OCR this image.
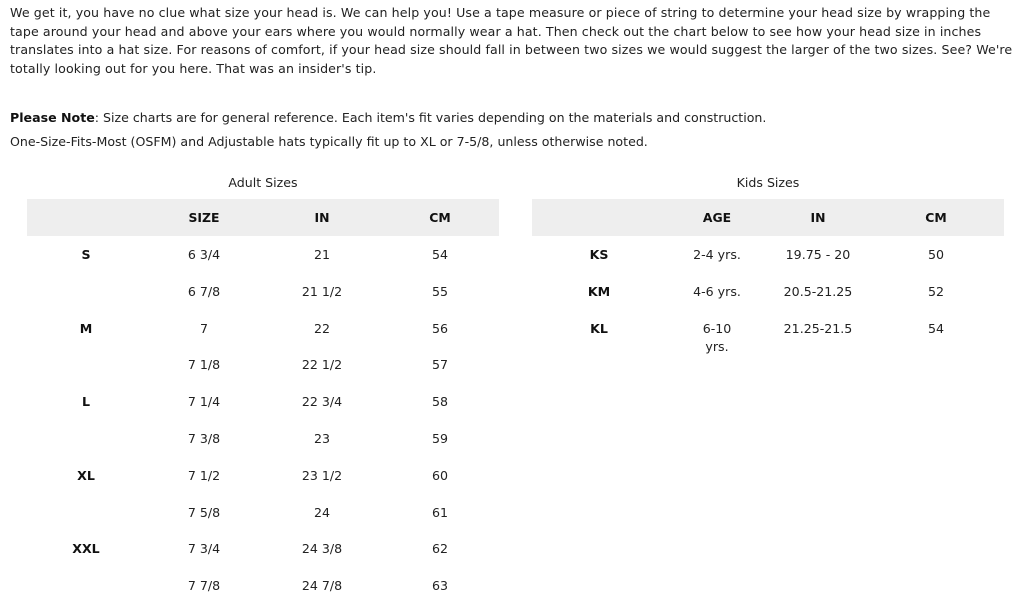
We get it, you have no clue what size your head is. We can help you! Use a tape measure or piece of string to determine your head size by wrapping the tape around your head and above your ears where you would normally wear a hat. Then check out the chart below to see how your head size in inches translates into a hat size. For reasons of comfort, if your head size should fall in between two sizes we would suggest the larger of the two sizes. See? We're totally looking out for you here. That was an insider's tip.

Please Note: Size charts are for general reference. Each item's fit varies depending on the materials and construction.

One-Size-Fits-Most (OSFM) and Adjustable hats typically fit up to XL or 7-5/8, unless otherwise noted.

Adult Sizes	Kids Sizes
	SIZE	IN	CM
S	6 3/4	21	54
	6 7/8	21 1/2	55
M	7	22	56
	7 1/8	22 1/2	57
L	7 1/4	22 3/4	58
	7 3/8	23	59
XL	7 1/2	23 1/2	60
	7 5/8	24	61
XXL	7 3/4	24 3/8	62
	7 7/8	24 7/8	63
	AGE	IN	CM
KS	2-4 yrs.	19.75 - 20	50
KM	4-6 yrs.	20.5-21.25	52
KL	6-10 yrs.	21.25-21.5	54
